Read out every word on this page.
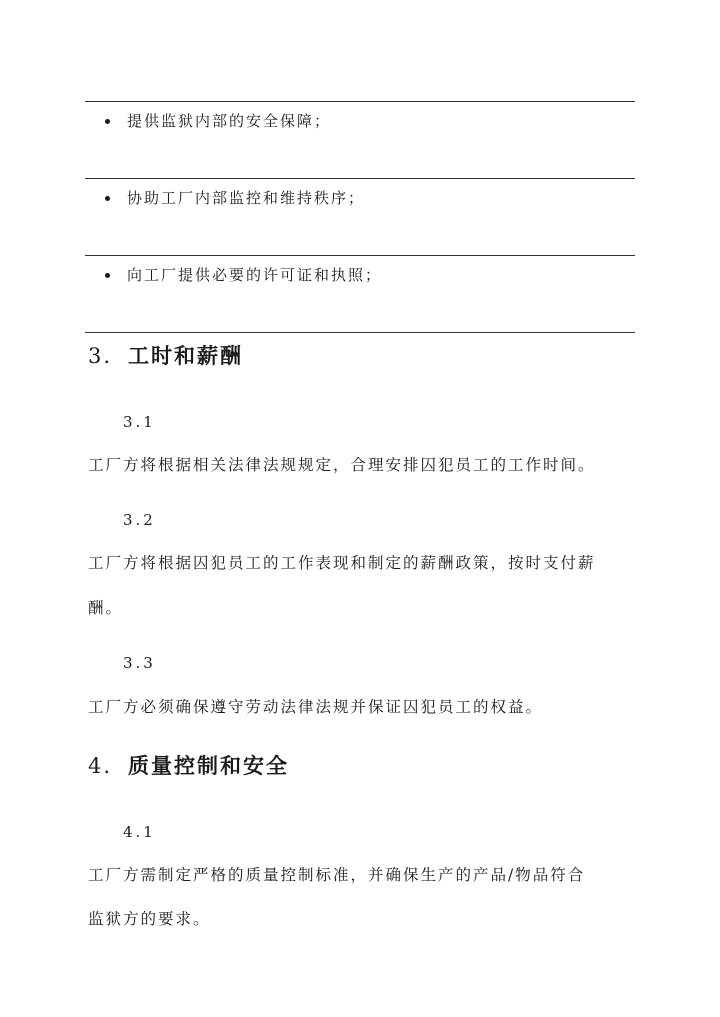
提供监狱内部的安全保障；
协助工厂内部监控和维持秩序；
向工厂提供必要的许可证和执照；
3. 工时和薪酬
3.1
工厂方将根据相关法律法规规定，合理安排囚犯员工的工作时间。
3.2
工厂方将根据囚犯员工的工作表现和制定的薪酬政策，按时支付薪
酬。
3.3
工厂方必须确保遵守劳动法律法规并保证囚犯员工的权益。
4. 质量控制和安全
4.1
工厂方需制定严格的质量控制标准，并确保生产的产品/物品符合
监狱方的要求。
